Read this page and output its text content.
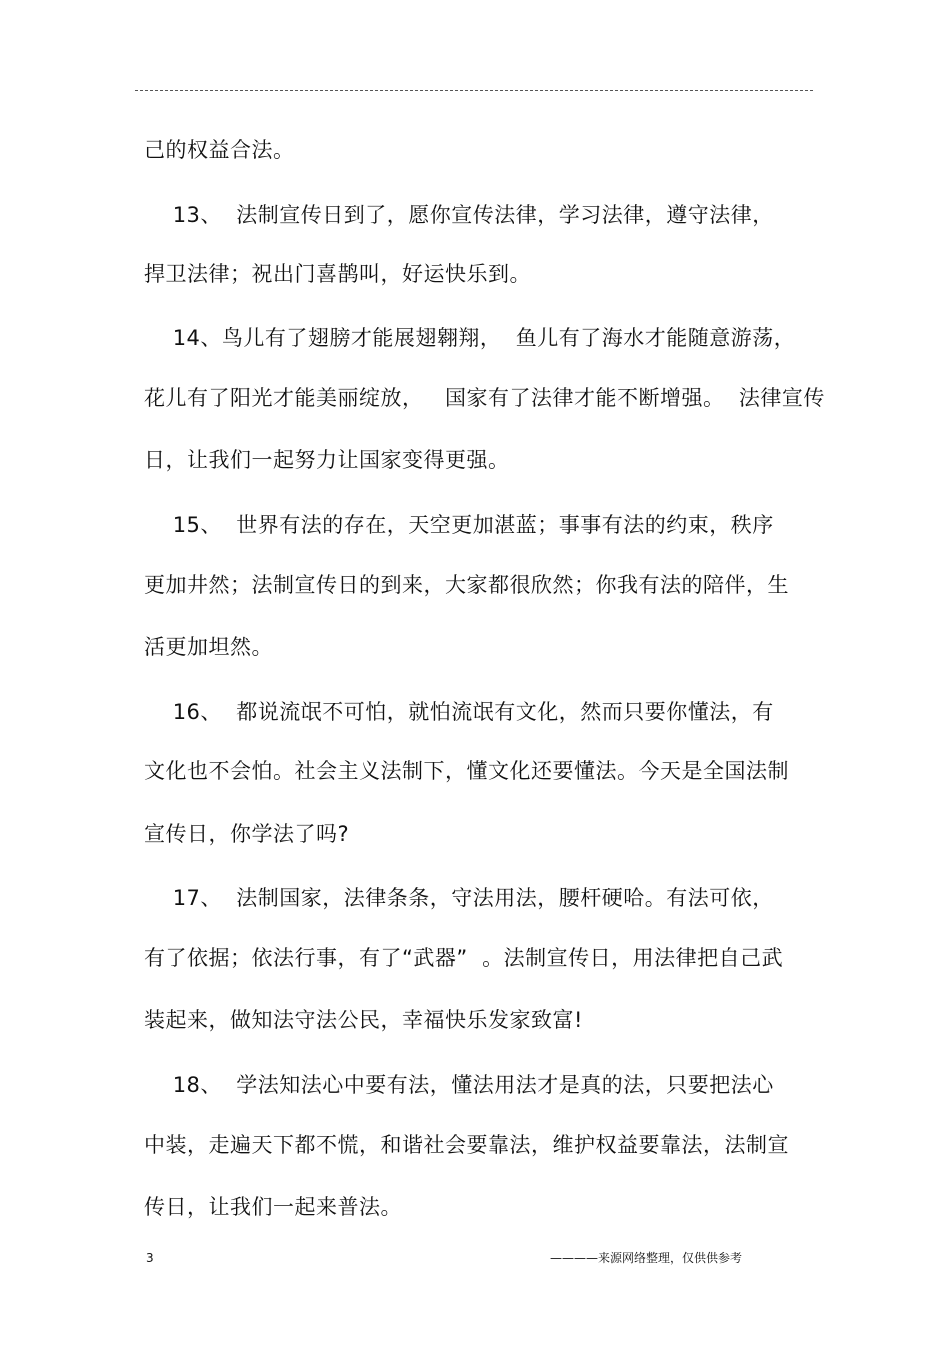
己的权益合法。
13、  法制宣传日到了，愿你宣传法律，学习法律，遵守法律，
捍卫法律；祝出门喜鹊叫，好运快乐到。
14、鸟儿有了翅膀才能展翅翱翔，  鱼儿有了海水才能随意游荡，
花儿有了阳光才能美丽绽放，   国家有了法律才能不断增强。  法律宣传
日，让我们一起努力让国家变得更强。
15、  世界有法的存在，天空更加湛蓝；事事有法的约束，秩序
更加井然；法制宣传日的到来，大家都很欣然；你我有法的陪伴，生
活更加坦然。
16、  都说流氓不可怕，就怕流氓有文化，然而只要你懂法，有
文化也不会怕。社会主义法制下，懂文化还要懂法。今天是全国法制
宣传日，你学法了吗?
17、  法制国家，法律条条，守法用法，腰杆硬哈。有法可依，
有了依据；依法行事，有了“武器”  。法制宣传日，用法律把自己武
装起来，做知法守法公民，幸福快乐发家致富!
18、  学法知法心中要有法，懂法用法才是真的法，只要把法心
中装，走遍天下都不慌，和谐社会要靠法，维护权益要靠法，法制宣
传日，让我们一起来普法。
3	————来源网络整理，仅供供参考
